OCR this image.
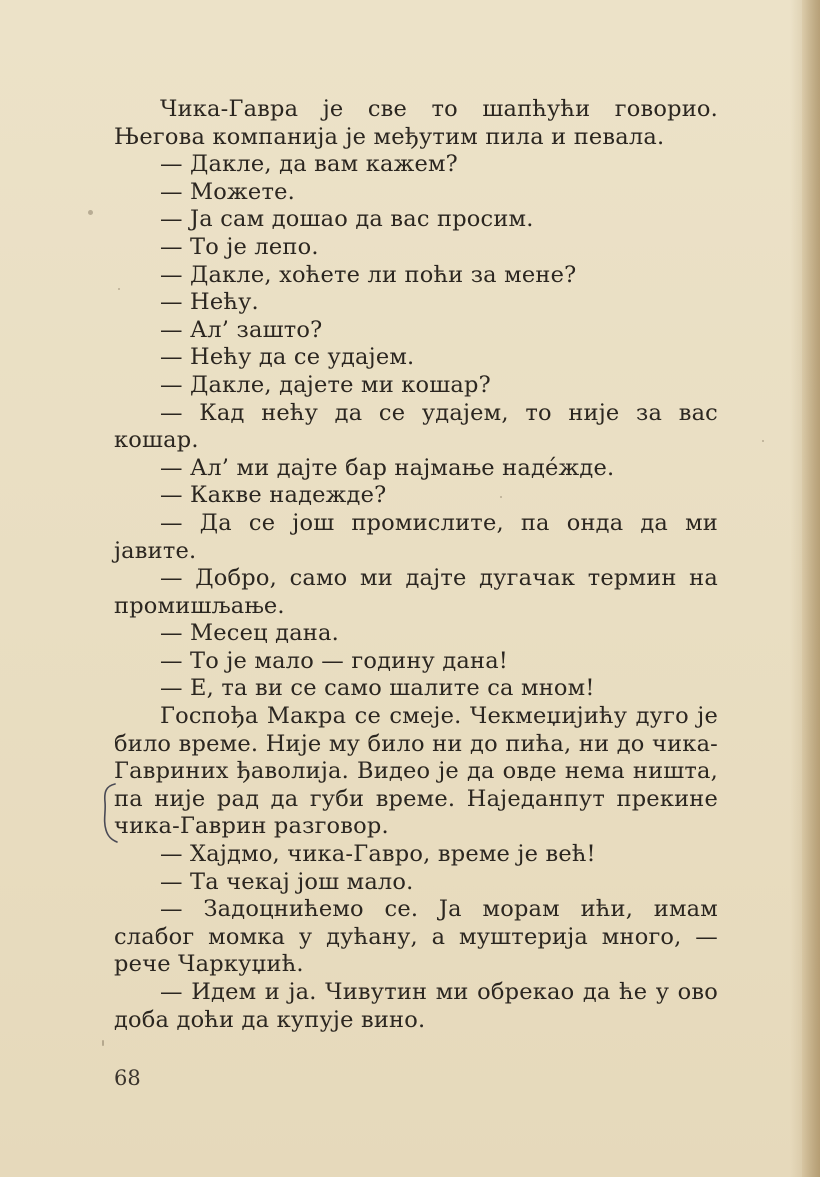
Чика-Гавра је све то шапћући говорио. Његова компанија је међутим пила и певала.

— Дакле, да вам кажем?

— Можете.

— Ја сам дошао да вас просим.

— То је лепо.

— Дакле, хоћете ли поћи за мене?

— Нећу.

— Ал’ зашто?

— Нећу да се удајем.

— Дакле, дајете ми кошар?

— Кад нећу да се удајем, то није за вас кошар.

— Ал’ ми дајте бар најмање наде́жде.

— Какве надежде?

— Да се још промислите, па онда да ми јавите.

— Добро, само ми дајте дугачак термин на промишљање.

— Месец дана.

— То је мало — годину дана!

— Е, та ви се само шалите са мном!

Госпођа Макра се смеје. Чекмеџијићу дуго је било време. Није му било ни до пића, ни до чика-Гавриних ђаволија. Видео је да овде нема ништа, па није рад да губи време. Наједанпут прекине чика-Гаврин разговор.

— Хајдмо, чика-Гавро, време је већ!

— Та чекај још мало.

— Задоцнићемо се. Ја морам ићи, имам слабог момка у дућану, а муштерија много, — рече Чаркуџић.

— Идем и ја. Чивутин ми обрекао да ће у ово доба доћи да купује вино.

68
